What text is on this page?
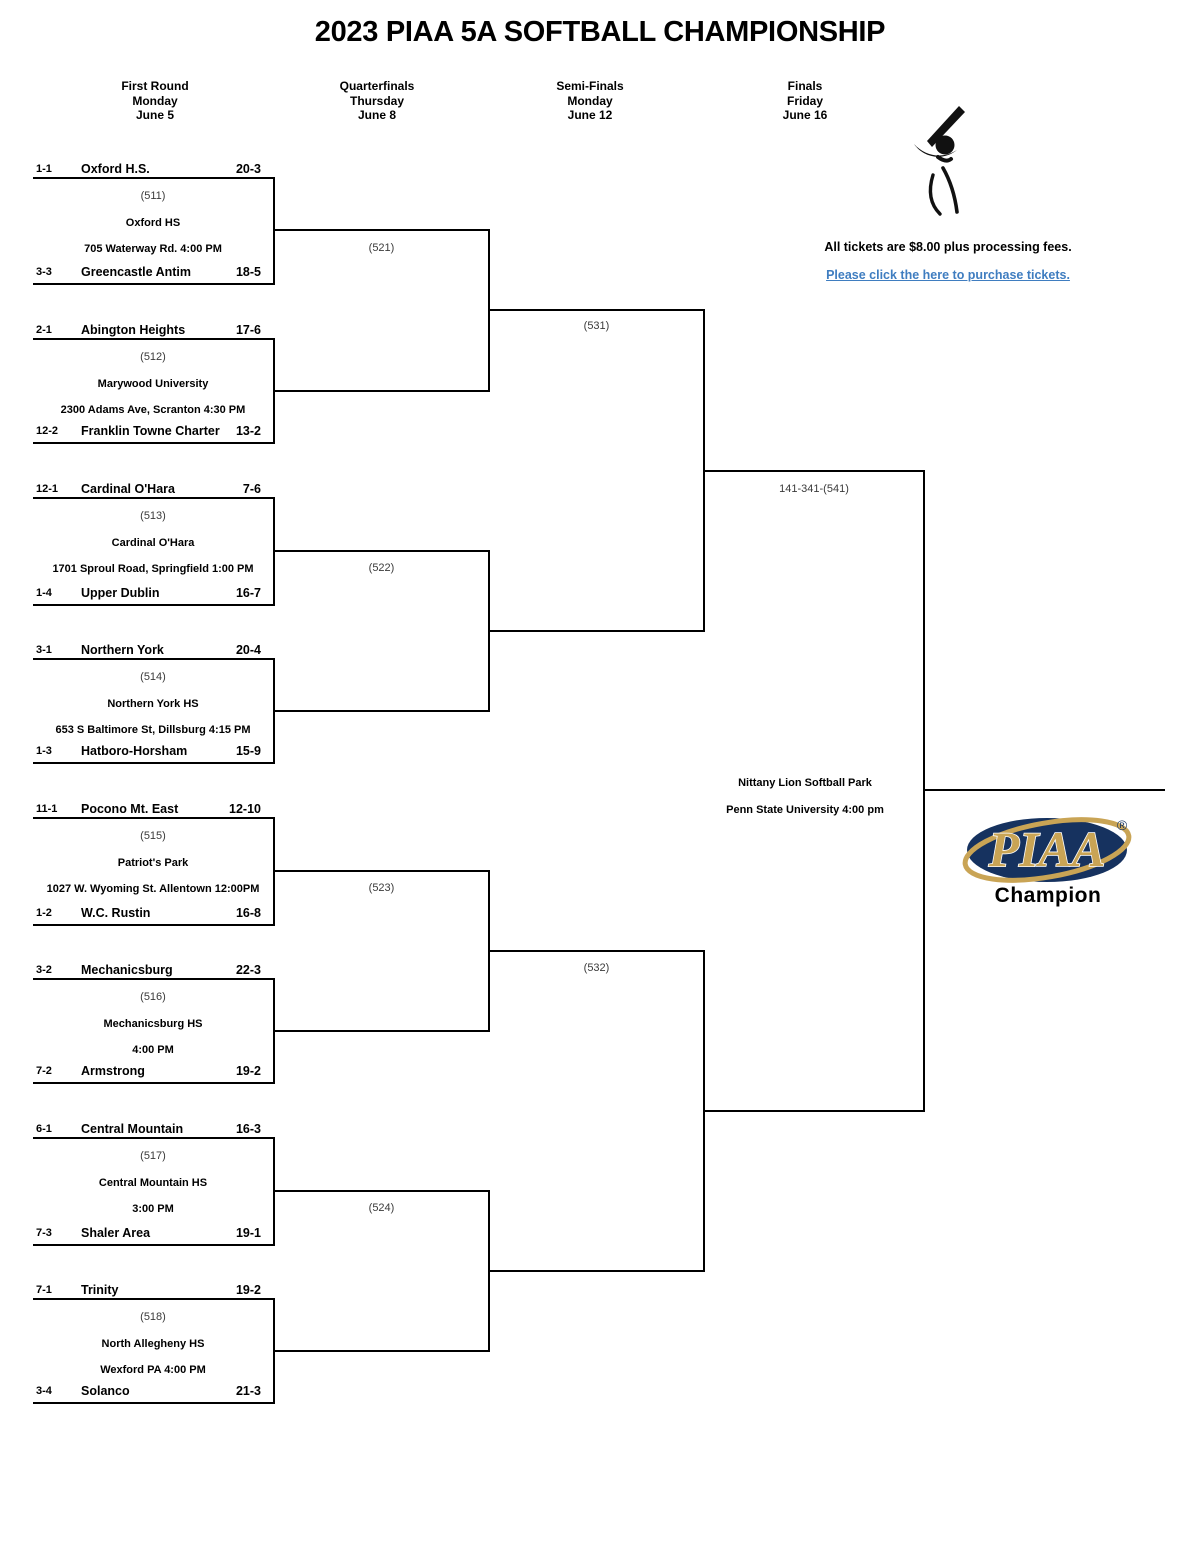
2023 PIAA 5A SOFTBALL CHAMPIONSHIP
First Round
Monday
June 5
Quarterfinals
Thursday
June 8
Semi-Finals
Monday
June 12
Finals
Friday
June 16
All tickets are $8.00 plus processing fees.
Please click the here to purchase tickets.
1-1 Oxford H.S.	20-3
(511)
Oxford HS
705 Waterway Rd. 4:00 PM
3-3 Greencastle Antim	18-5
2-1 Abington Heights	17-6
(512)
Marywood University
2300 Adams Ave, Scranton 4:30 PM
12-2 Franklin Towne Charter 13-2
12-1 Cardinal O'Hara	7-6
(513)
Cardinal O'Hara
1701 Sproul Road, Springfield 1:00 PM
1-4 Upper Dublin	16-7
3-1 Northern York	20-4
(514)
Northern York HS
653 S Baltimore St, Dillsburg 4:15 PM
1-3 Hatboro-Horsham	15-9
11-1 Pocono Mt. East	12-10
(515)
Patriot's Park
1027 W. Wyoming St. Allentown 12:00PM
1-2 W.C. Rustin	16-8
3-2 Mechanicsburg	22-3
(516)
Mechanicsburg HS
4:00 PM
7-2 Armstrong	19-2
6-1 Central Mountain	16-3
(517)
Central Mountain HS
3:00 PM
7-3 Shaler Area	19-1
7-1 Trinity	19-2
(518)
North Allegheny HS
Wexford PA 4:00 PM
3-4 Solanco	21-3
(521)
(522)
(523)
(524)
(531)
(532)
141-341-(541)
Nittany Lion Softball Park
Penn State University 4:00 pm
PIAA ®
Champion
